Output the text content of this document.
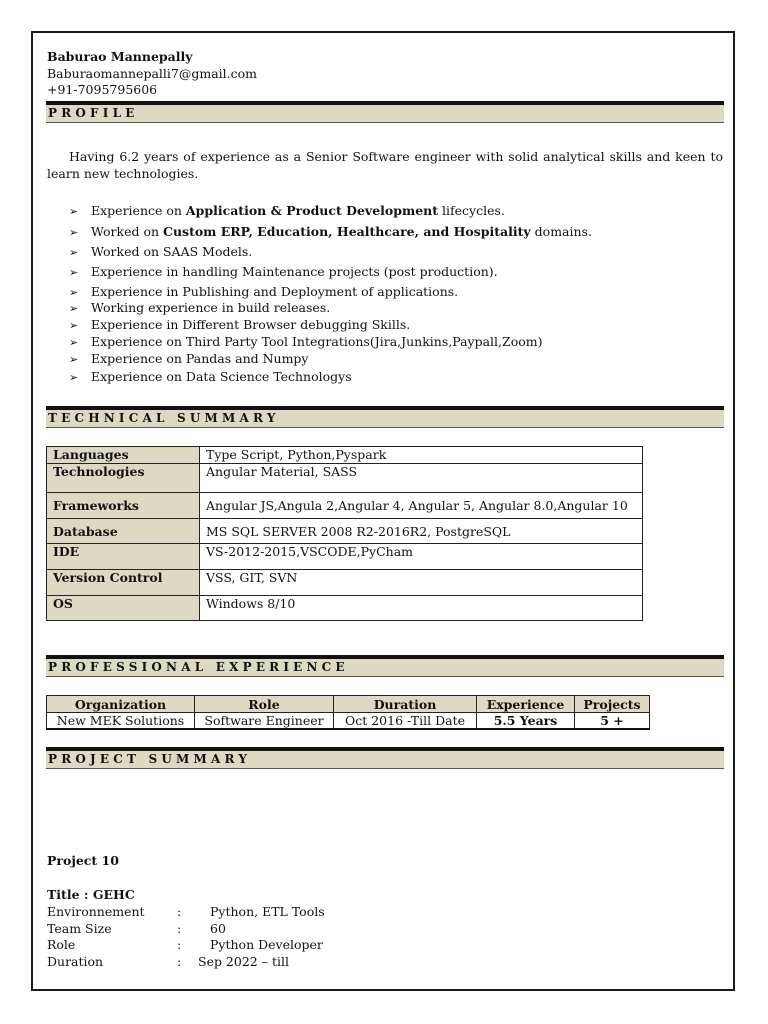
Baburao Mannepally
Baburaomannepalli7@gmail.com
+91-7095795606
PROFILE
Having 6.2 years of experience as a Senior Software engineer with solid analytical skills and keen to learn new technologies.
➢ Experience on Application & Product Development lifecycles.
➢ Worked on Custom ERP, Education, Healthcare, and Hospitality domains.
➢ Worked on SAAS Models.
➢ Experience in handling Maintenance projects (post production).
➢ Experience in Publishing and Deployment of applications.
➢ Working experience in build releases.
➢ Experience in Different Browser debugging Skills.
➢ Experience on Third Party Tool Integrations(Jira,Junkins,Paypall,Zoom)
➢ Experience on Pandas and Numpy
➢ Experience on Data Science Technologys
TECHNICAL SUMMARY
Languages	Type Script, Python,Pyspark
Technologies	Angular Material, SASS
Frameworks	Angular JS,Angula 2,Angular 4, Angular 5, Angular 8.0,Angular 10
Database	MS SQL SERVER 2008 R2-2016R2, PostgreSQL
IDE	VS-2012-2015,VSCODE,PyCham
Version Control	VSS, GIT, SVN
OS	Windows 8/10
PROFESSIONAL EXPERIENCE
Organization	Role	Duration	Experience	Projects
New MEK Solutions	Software Engineer	Oct 2016 -Till Date	5.5 Years	5 +
PROJECT SUMMARY
Project 10
Title : GEHC
Environnement	: Python, ETL Tools
Team Size	: 60
Role	: Python Developer
Duration	: Sep 2022 – till
